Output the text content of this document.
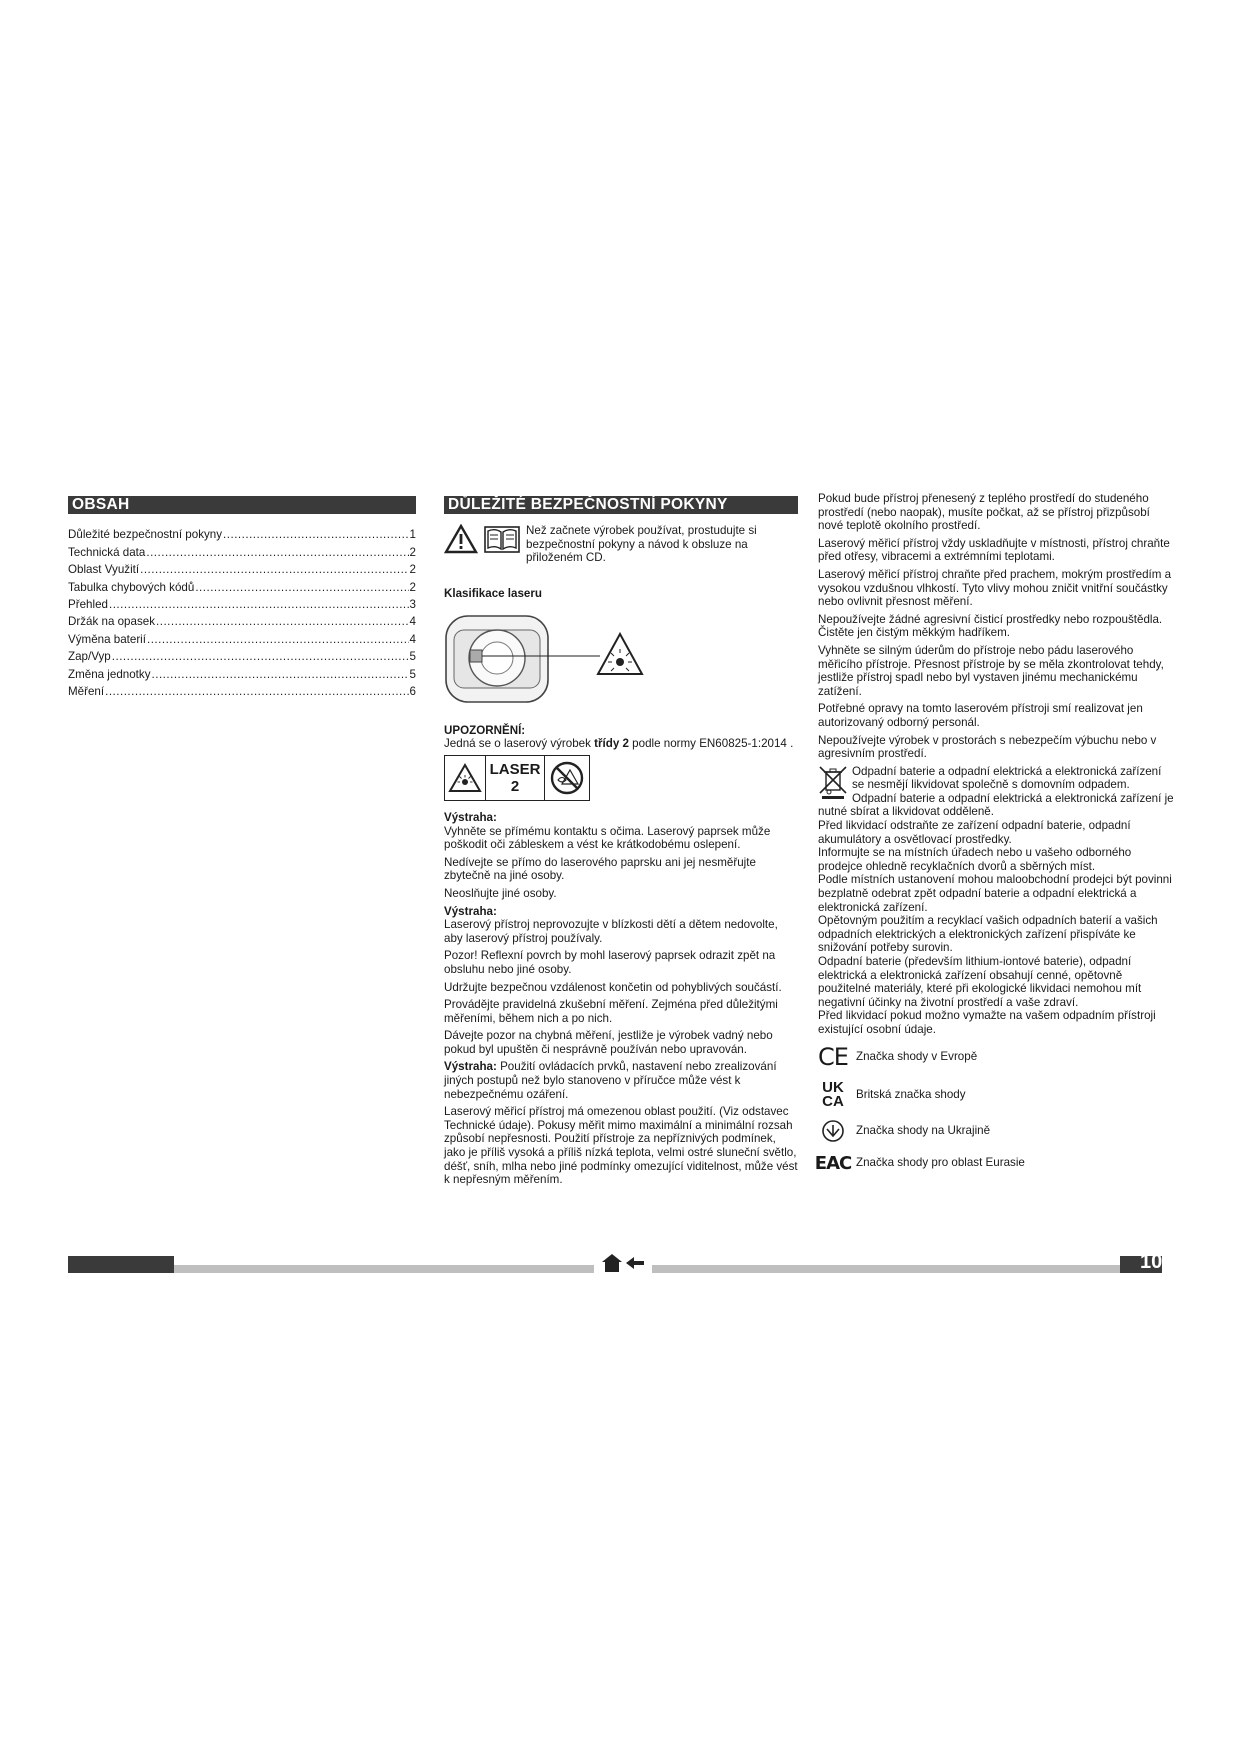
OBSAH
Důležité bezpečnostní pokyny .....	1
Technická data .....	2
Oblast Využití .....	2
Tabulka chybových kódů .....	2
Přehled .....	3
Držák na opasek .....	4
Výměna baterií .....	4
Zap/Vyp .....	5
Změna jednotky .....	5
Měření .....	6
DŮLEŽITÉ BEZPEČNOSTNÍ POKYNY

Než začnete výrobek používat, prostudujte si bezpečnostní pokyny a návod k obsluze na přiloženém CD.

Klasifikace laseru

UPOZORNĚNÍ:

Jedná se o laserový výrobek třídy 2 podle normy EN60825-1:2014 .

LASER
2

Výstraha:

Vyhněte se přímému kontaktu s očima. Laserový paprsek může poškodit oči zábleskem a vést ke krátkodobému oslepení.

Nedívejte se přímo do laserového paprsku ani jej nesměřujte zbytečně na jiné osoby.

Neoslňujte jiné osoby.

Výstraha:

Laserový přístroj neprovozujte v blízkosti dětí a dětem nedovolte, aby laserový přístroj používaly.

Pozor! Reflexní povrch by mohl laserový paprsek odrazit zpět na obsluhu nebo jiné osoby.

Udržujte bezpečnou vzdálenost končetin od pohyblivých součástí.

Provádějte pravidelná zkušební měření. Zejména před důležitými měřeními, během nich a po nich.

Dávejte pozor na chybná měření, jestliže je výrobek vadný nebo pokud byl upuštěn či nesprávně používán nebo upravován.

Výstraha: Použití ovládacích prvků, nastavení nebo zrealizování jiných postupů než bylo stanoveno v příručce může vést k nebezpečnému ozáření.

Laserový měřicí přístroj má omezenou oblast použití. (Viz odstavec Technické údaje). Pokusy měřit mimo maximální a minimální rozsah způsobí nepřesnosti. Použití přístroje za nepříznivých podmínek, jako je příliš vysoká a příliš nízká teplota, velmi ostré sluneční světlo, déšť, sníh, mlha nebo jiné podmínky omezující viditelnost, může vést k nepřesným měřením.

Pokud bude přístroj přenesený z teplého prostředí do studeného prostředí (nebo naopak), musíte počkat, až se přístroj přizpůsobí nové teplotě okolního prostředí.

Laserový měřicí přístroj vždy uskladňujte v místnosti, přístroj chraňte před otřesy, vibracemi a extrémními teplotami.

Laserový měřicí přístroj chraňte před prachem, mokrým prostředím a vysokou vzdušnou vlhkostí. Tyto vlivy mohou zničit vnitřní součástky nebo ovlivnit přesnost měření.

Nepoužívejte žádné agresivní čisticí prostředky nebo rozpouštědla. Čistěte jen čistým měkkým hadříkem.

Vyhněte se silným úderům do přístroje nebo pádu laserového měřicího přístroje. Přesnost přístroje by se měla zkontrolovat tehdy, jestliže přístroj spadl nebo byl vystaven jinému mechanickému zatížení.

Potřebné opravy na tomto laserovém přístroji smí realizovat jen autorizovaný odborný personál.

Nepoužívejte výrobek v prostorách s nebezpečím výbuchu nebo v agresivním prostředí.

Odpadní baterie a odpadní elektrická a elektronická zařízení se nesmějí likvidovat společně s domovním odpadem. Odpadní baterie a odpadní elektrická a elektronická zařízení je nutné sbírat a likvidovat odděleně.

Před likvidací odstraňte ze zařízení odpadní baterie, odpadní akumulátory a osvětlovací prostředky.

Informujte se na místních úřadech nebo u vašeho odborného prodejce ohledně recyklačních dvorů a sběrných míst.

Podle místních ustanovení mohou maloobchodní prodejci být povinni bezplatně odebrat zpět odpadní baterie a odpadní elektrická a elektronická zařízení.

Opětovným použitím a recyklací vašich odpadních baterií a vašich odpadních elektrických a elektronických zařízení přispíváte ke snižování potřeby surovin.

Odpadní baterie (především lithium-iontové baterie), odpadní elektrická a elektronická zařízení obsahují cenné, opětovně použitelné materiály, které při ekologické likvidaci nemohou mít negativní účinky na životní prostředí a vaše zdraví.

Před likvidací pokud možno vymažte na vašem odpadním přístroji existující osobní údaje.

CE Značka shody v Evropě

UK
CA Britská značka shody

Značka shody na Ukrajině

EAC Značka shody pro oblast Eurasie

10
